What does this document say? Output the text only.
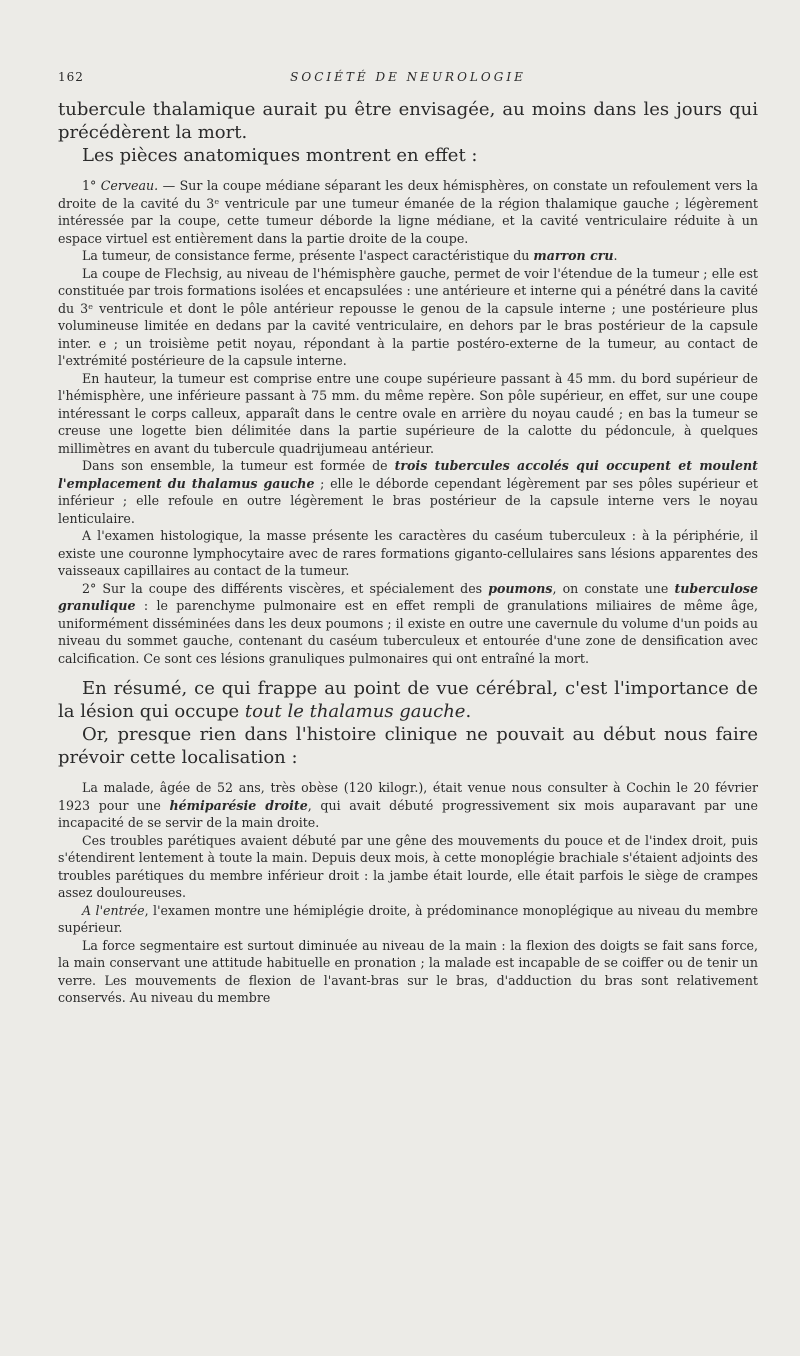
162	SOCIÉTÉ DE NEUROLOGIE

tubercule thalamique aurait pu être envisagée, au moins dans les jours qui précédèrent la mort.

Les pièces anatomiques montrent en effet :

1° Cerveau. — Sur la coupe médiane séparant les deux hémisphères, on constate un refoulement vers la droite de la cavité du 3ᵉ ventricule par une tumeur émanée de la région thalamique gauche ; légèrement intéressée par la coupe, cette tumeur déborde la ligne médiane, et la cavité ventriculaire réduite à un espace virtuel est entièrement dans la partie droite de la coupe.

La tumeur, de consistance ferme, présente l'aspect caractéristique du marron cru.

La coupe de Flechsig, au niveau de l'hémisphère gauche, permet de voir l'étendue de la tumeur ; elle est constituée par trois formations isolées et encapsulées : une antérieure et interne qui a pénétré dans la cavité du 3ᵉ ventricule et dont le pôle antérieur repousse le genou de la capsule interne ; une postérieure plus volumineuse limitée en dedans par la cavité ventriculaire, en dehors par le bras postérieur de la capsule inter. e ; un troisième petit noyau, répondant à la partie postéro-externe de la tumeur, au contact de l'extrémité postérieure de la capsule interne.

En hauteur, la tumeur est comprise entre une coupe supérieure passant à 45 mm. du bord supérieur de l'hémisphère, une inférieure passant à 75 mm. du même repère. Son pôle supérieur, en effet, sur une coupe intéressant le corps calleux, apparaît dans le centre ovale en arrière du noyau caudé ; en bas la tumeur se creuse une logette bien délimitée dans la partie supérieure de la calotte du pédoncule, à quelques millimètres en avant du tubercule quadrijumeau antérieur.

Dans son ensemble, la tumeur est formée de trois tubercules accolés qui occupent et moulent l'emplacement du thalamus gauche ; elle le déborde cependant légèrement par ses pôles supérieur et inférieur ; elle refoule en outre légèrement le bras postérieur de la capsule interne vers le noyau lenticulaire.

A l'examen histologique, la masse présente les caractères du caséum tuberculeux : à la périphérie, il existe une couronne lymphocytaire avec de rares formations giganto-cellulaires sans lésions apparentes des vaisseaux capillaires au contact de la tumeur.

2° Sur la coupe des différents viscères, et spécialement des poumons, on constate une tuberculose granulique : le parenchyme pulmonaire est en effet rempli de granulations miliaires de même âge, uniformément disséminées dans les deux poumons ; il existe en outre une cavernule du volume d'un poids au niveau du sommet gauche, contenant du caséum tuberculeux et entourée d'une zone de densification avec calcification. Ce sont ces lésions granuliques pulmonaires qui ont entraîné la mort.

En résumé, ce qui frappe au point de vue cérébral, c'est l'importance de la lésion qui occupe tout le thalamus gauche.

Or, presque rien dans l'histoire clinique ne pouvait au début nous faire prévoir cette localisation :

La malade, âgée de 52 ans, très obèse (120 kilogr.), était venue nous consulter à Cochin le 20 février 1923 pour une hémiparésie droite, qui avait débuté progressivement six mois auparavant par une incapacité de se servir de la main droite.

Ces troubles parétiques avaient débuté par une gêne des mouvements du pouce et de l'index droit, puis s'étendirent lentement à toute la main. Depuis deux mois, à cette monoplégie brachiale s'étaient adjoints des troubles parétiques du membre inférieur droit : la jambe était lourde, elle était parfois le siège de crampes assez douloureuses.

A l'entrée, l'examen montre une hémiplégie droite, à prédominance monoplégique au niveau du membre supérieur.

La force segmentaire est surtout diminuée au niveau de la main : la flexion des doigts se fait sans force, la main conservant une attitude habituelle en pronation ; la malade est incapable de se coiffer ou de tenir un verre. Les mouvements de flexion de l'avant-bras sur le bras, d'adduction du bras sont relativement conservés. Au niveau du membre
